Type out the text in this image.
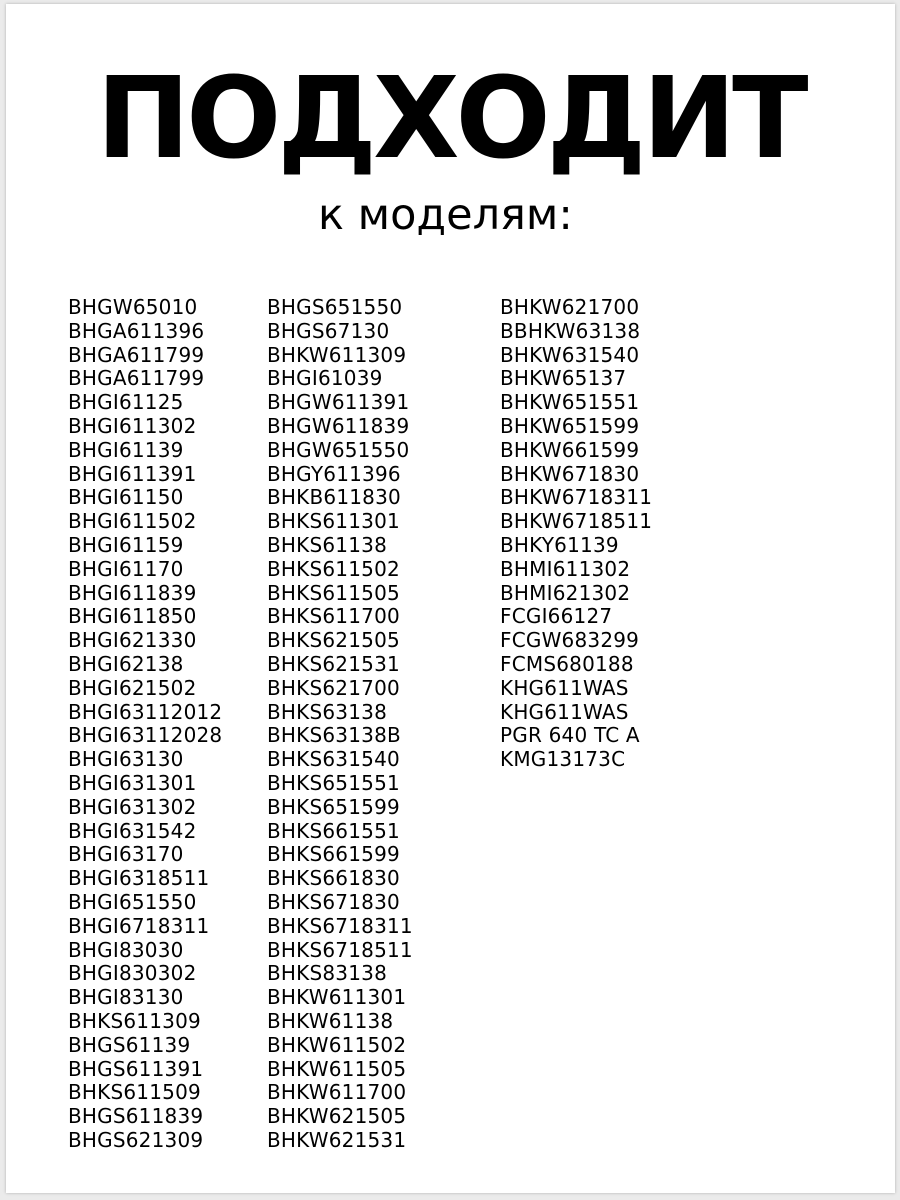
ПОДХОДИТ

к моделям:

BHGW65010
BHGA611396
BHGA611799
BHGA611799
BHGI61125
BHGI611302
BHGI61139
BHGI611391
BHGI61150
BHGI611502
BHGI61159
BHGI61170
BHGI611839
BHGI611850
BHGI621330
BHGI62138
BHGI621502
BHGI63112012
BHGI63112028
BHGI63130
BHGI631301
BHGI631302
BHGI631542
BHGI63170
BHGI6318511
BHGI651550
BHGI6718311
BHGI83030
BHGI830302
BHGI83130
BHKS611309
BHGS61139
BHGS611391
BHKS611509
BHGS611839
BHGS621309
BHGS651550
BHGS67130
BHKW611309
BHGI61039
BHGW611391
BHGW611839
BHGW651550
BHGY611396
BHKB611830
BHKS611301
BHKS61138
BHKS611502
BHKS611505
BHKS611700
BHKS621505
BHKS621531
BHKS621700
BHKS63138
BHKS63138B
BHKS631540
BHKS651551
BHKS651599
BHKS661551
BHKS661599
BHKS661830
BHKS671830
BHKS6718311
BHKS6718511
BHKS83138
BHKW611301
BHKW61138
BHKW611502
BHKW611505
BHKW611700
BHKW621505
BHKW621531
BHKW621700
BBHKW63138
BHKW631540
BHKW65137
BHKW651551
BHKW651599
BHKW661599
BHKW671830
BHKW6718311
BHKW6718511
BHKY61139
BHMI611302
BHMI621302
FCGI66127
FCGW683299
FCMS680188
KHG611WAS
KHG611WAS
PGR 640 TC A
KMG13173C
